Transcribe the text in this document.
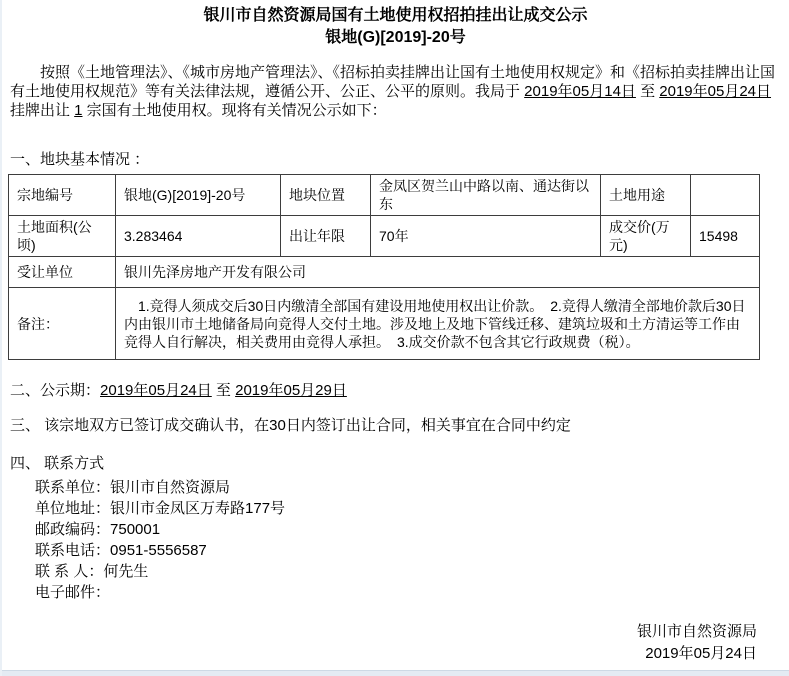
银川市自然资源局国有土地使用权招拍挂出让成交公示
银地(G)[2019]-20号

按照《土地管理法》、《城市房地产管理法》、《招标拍卖挂牌出让国有土地使用权规定》和《招标拍卖挂牌出让国有土地使用权规范》等有关法律法规，遵循公开、公正、公平的原则。我局于 2019年05月14日 至 2019年05月24日 挂牌出让 1 宗国有土地使用权。现将有关情况公示如下：

一、地块基本情况 ：
宗地编号	银地(G)[2019]-20号	地块位置	金凤区贺兰山中路以南、通达街以东	土地用途	
土地面积(公顷)	3.283464	出让年限	70年	成交价(万元)	15498
受让单位	银川先泽房地产开发有限公司				
备注：	　1.竞得人须成交后30日内缴清全部国有建设用地使用权出让价款。　2.竞得人缴清全部地价款后30日内由银川市土地储备局向竞得人交付土地。涉及地上及地下管线迁移、建筑垃圾和土方清运等工作由竞得人自行解决，相关费用由竞得人承担。　3.成交价款不包含其它行政规费（税）。				
二、公示期：2019年05月24日 至 2019年05月29日
三、 该宗地双方已签订成交确认书，在30日内签订出让合同，相关事宜在合同中约定
四、 联系方式
联系单位：银川市自然资源局
单位地址：银川市金凤区万寿路177号
邮政编码：750001
联系电话：0951-5556587
联 系 人：何先生
电子邮件：
银川市自然资源局
2019年05月24日
